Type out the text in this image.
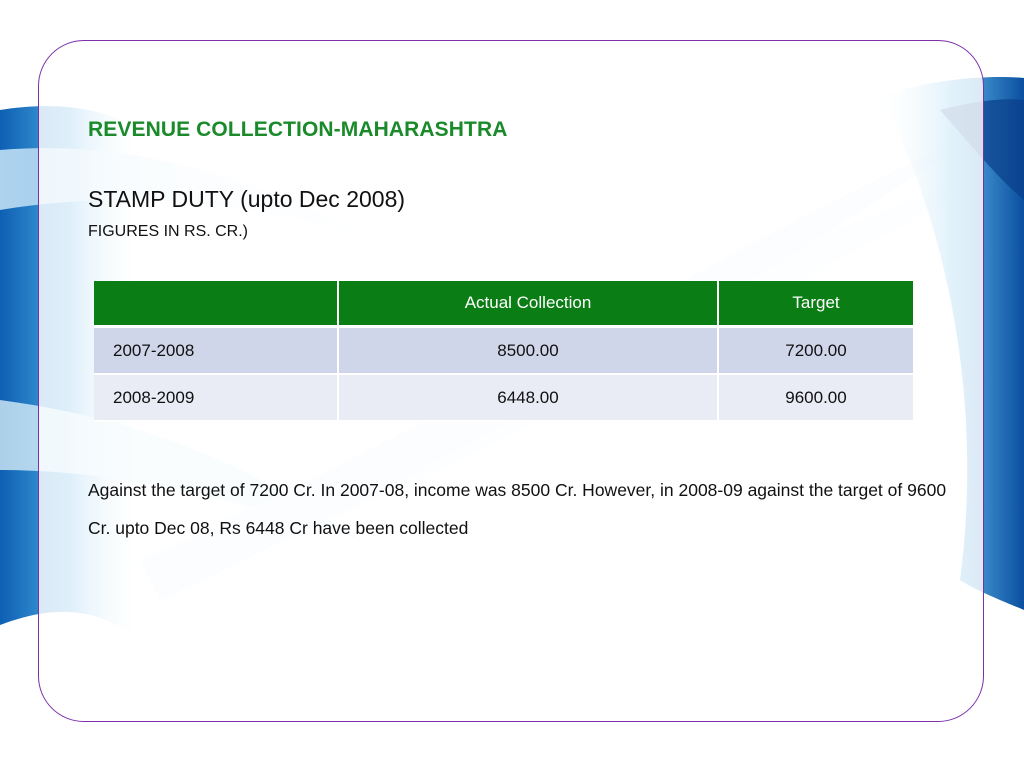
REVENUE COLLECTION-MAHARASHTRA
STAMP DUTY (upto Dec 2008)
FIGURES IN RS. CR.)
	Actual Collection	Target
2007-2008	8500.00	7200.00
2008-2009	6448.00	9600.00
Against the target of 7200 Cr. In 2007-08, income was 8500 Cr. However, in 2008-09 against the target of 9600 Cr. upto Dec 08, Rs 6448 Cr have been collected
